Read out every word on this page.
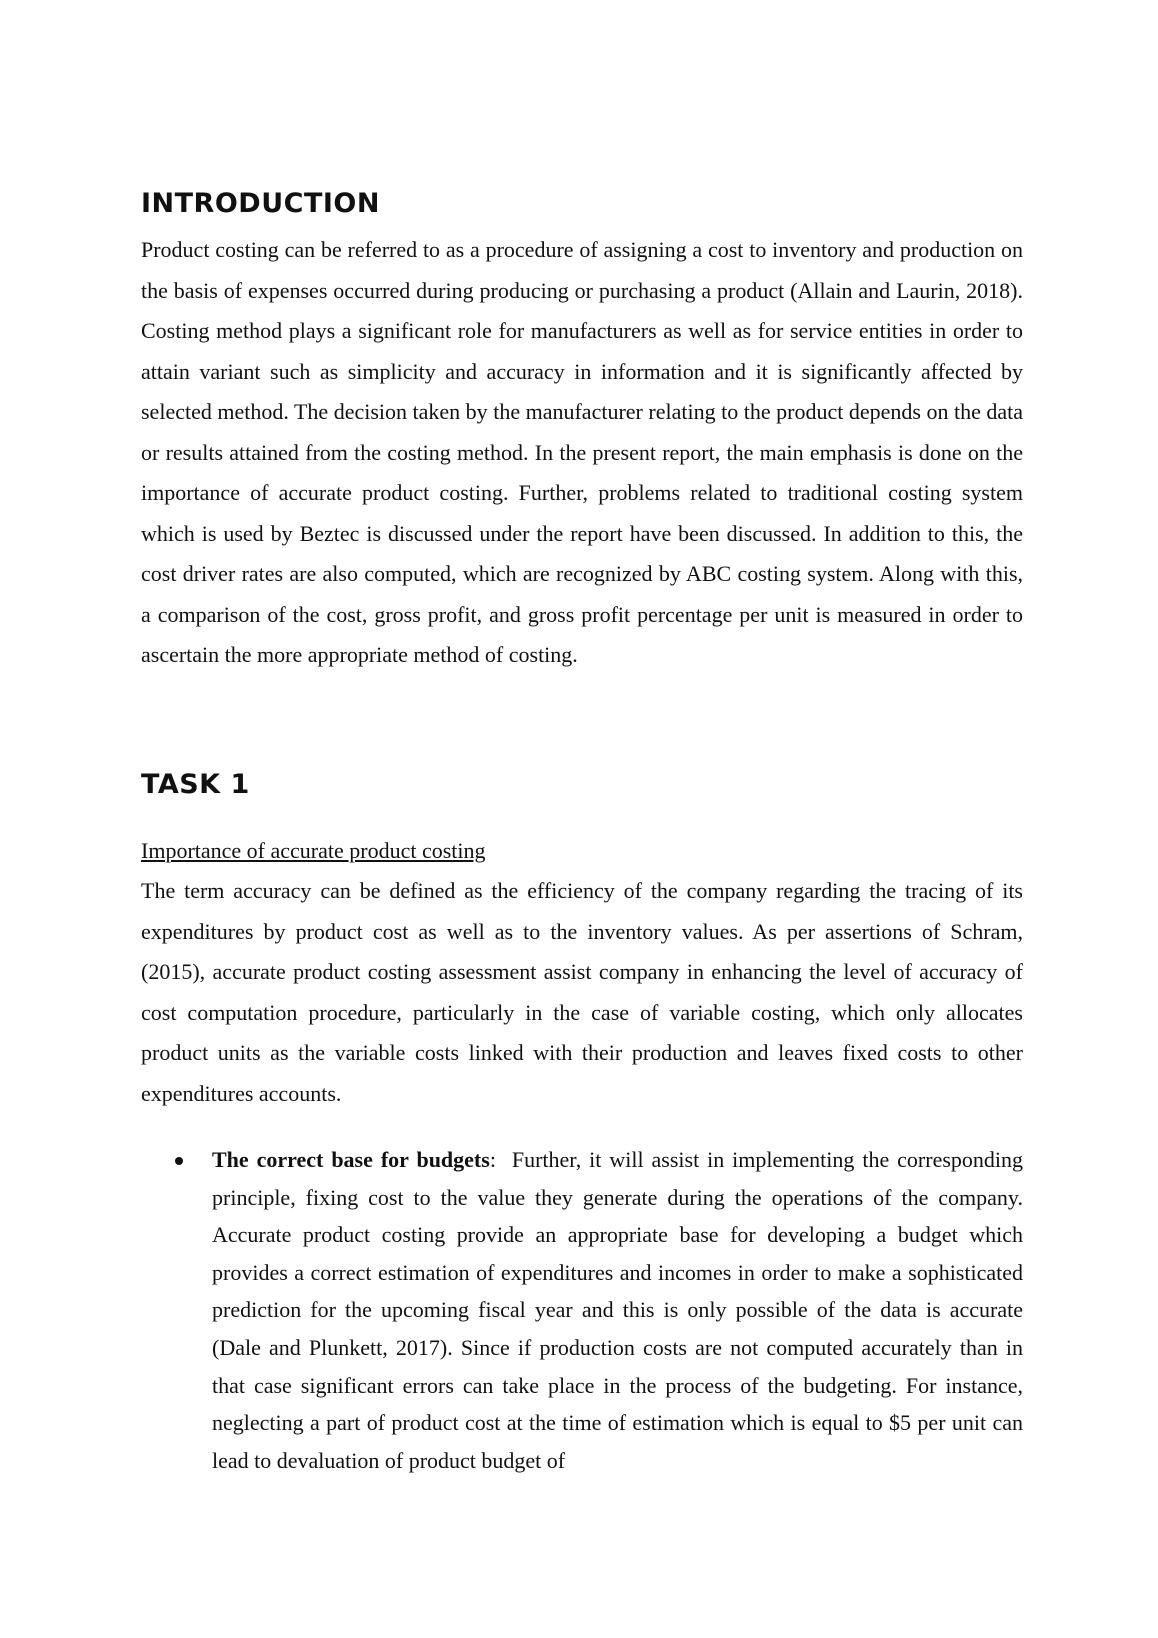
INTRODUCTION

Product costing can be referred to as a procedure of assigning a cost to inventory and production on the basis of expenses occurred during producing or purchasing a product (Allain and Laurin, 2018). Costing method plays a significant role for manufacturers as well as for service entities in order to attain variant such as simplicity and accuracy in information and it is significantly affected by selected method. The decision taken by the manufacturer relating to the product depends on the data or results attained from the costing method. In the present report, the main emphasis is done on the importance of accurate product costing. Further, problems related to traditional costing system which is used by Beztec is discussed under the report have been discussed. In addition to this, the cost driver rates are also computed, which are recognized by ABC costing system. Along with this, a comparison of the cost, gross profit, and gross profit percentage per unit is measured in order to ascertain the more appropriate method of costing.

TASK 1

Importance of accurate product costing

The term accuracy can be defined as the efficiency of the company regarding the tracing of its expenditures by product cost as well as to the inventory values. As per assertions of Schram, (2015), accurate product costing assessment assist company in enhancing the level of accuracy of cost computation procedure, particularly in the case of variable costing, which only allocates product units as the variable costs linked with their production and leaves fixed costs to other expenditures accounts.

The correct base for budgets: Further, it will assist in implementing the corresponding principle, fixing cost to the value they generate during the operations of the company. Accurate product costing provide an appropriate base for developing a budget which provides a correct estimation of expenditures and incomes in order to make a sophisticated prediction for the upcoming fiscal year and this is only possible of the data is accurate (Dale and Plunkett, 2017). Since if production costs are not computed accurately than in that case significant errors can take place in the process of the budgeting. For instance, neglecting a part of product cost at the time of estimation which is equal to $5 per unit can lead to devaluation of product budget of
